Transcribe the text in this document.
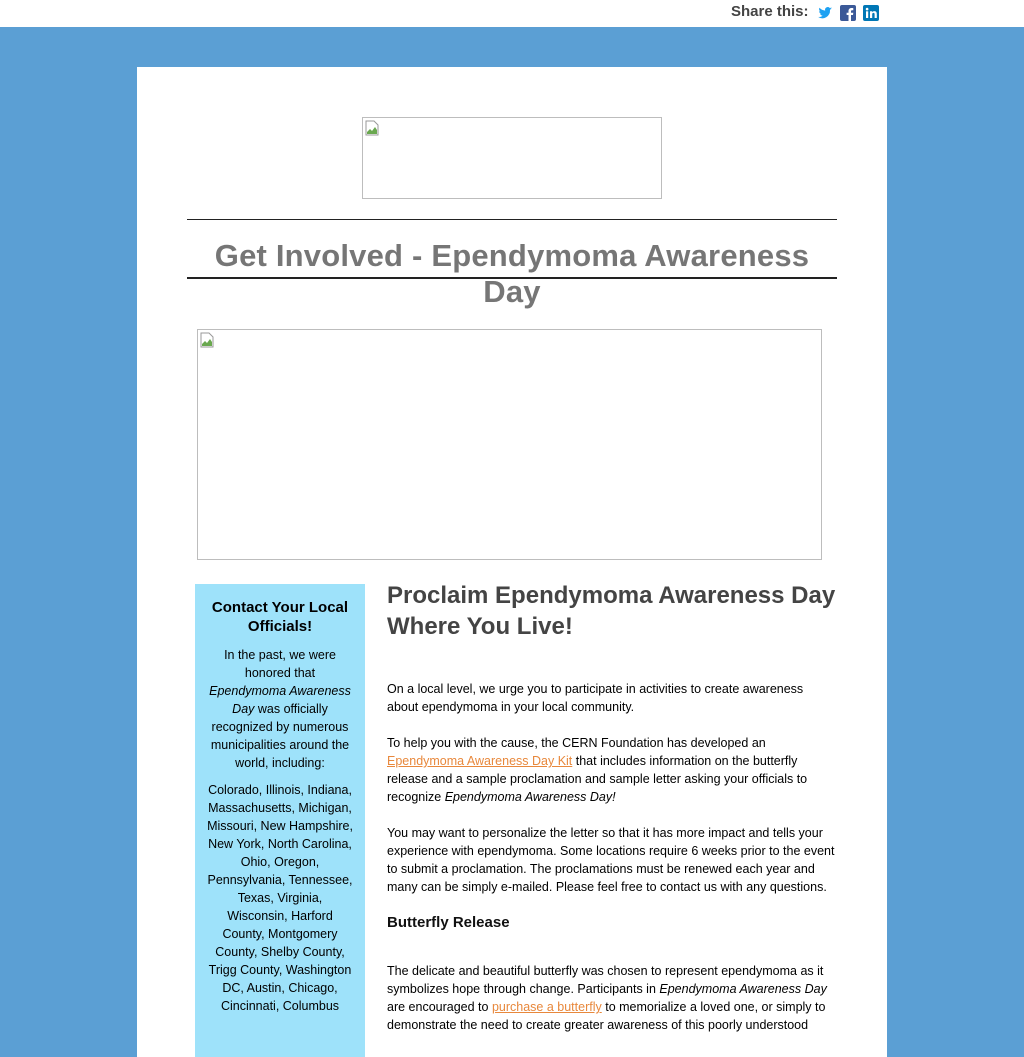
Share this:
Get Involved - Ependymoma Awareness Day
Contact Your Local Officials!

In the past, we were honored that Ependymoma Awareness Day was officially recognized by numerous municipalities around the world, including:

Colorado, Illinois, Indiana, Massachusetts, Michigan, Missouri, New Hampshire, New York, North Carolina, Ohio, Oregon, Pennsylvania, Tennessee, Texas, Virginia, Wisconsin, Harford County, Montgomery County, Shelby County, Trigg County, Washington DC, Austin, Chicago, Cincinnati, Columbus

Proclaim Ependymoma Awareness Day Where You Live!

On a local level, we urge you to participate in activities to create awareness about ependymoma in your local community.

To help you with the cause, the CERN Foundation has developed an Ependymoma Awareness Day Kit that includes information on the butterfly release and a sample proclamation and sample letter asking your officials to recognize Ependymoma Awareness Day!

You may want to personalize the letter so that it has more impact and tells your experience with ependymoma. Some locations require 6 weeks prior to the event to submit a proclamation. The proclamations must be renewed each year and many can be simply e-mailed. Please feel free to contact us with any questions.

Butterfly Release

The delicate and beautiful butterfly was chosen to represent ependymoma as it symbolizes hope through change. Participants in Ependymoma Awareness Day are encouraged to purchase a butterfly to memorialize a loved one, or simply to demonstrate the need to create greater awareness of this poorly understood
